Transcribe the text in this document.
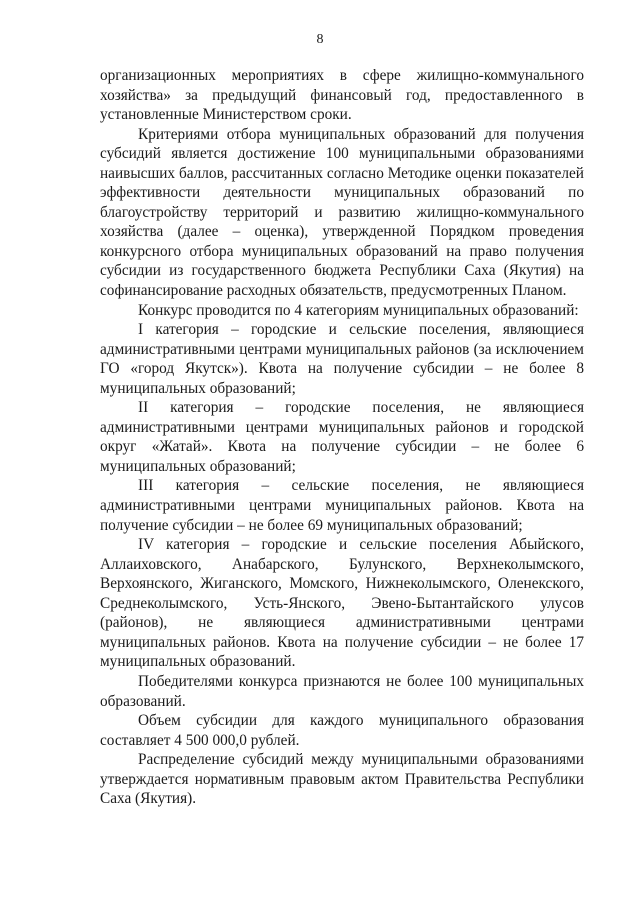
8

организационных мероприятиях в сфере жилищно-коммунального хозяйства» за предыдущий финансовый год, предоставленного в установленные Министерством сроки.

Критериями отбора муниципальных образований для получения субсидий является достижение 100 муниципальными образованиями наивысших баллов, рассчитанных согласно Методике оценки показателей эффективности деятельности муниципальных образований по благоустройству территорий и развитию жилищно-коммунального хозяйства (далее – оценка), утвержденной Порядком проведения конкурсного отбора муниципальных образований на право получения субсидии из государственного бюджета Республики Саха (Якутия) на софинансирование расходных обязательств, предусмотренных Планом.

Конкурс проводится по 4 категориям муниципальных образований:

I категория – городские и сельские поселения, являющиеся административными центрами муниципальных районов (за исключением ГО «город Якутск»). Квота на получение субсидии – не более 8 муниципальных образований;

II категория – городские поселения, не являющиеся административными центрами муниципальных районов и городской округ «Жатай». Квота на получение субсидии – не более 6 муниципальных образований;

III категория – сельские поселения, не являющиеся административными центрами муниципальных районов. Квота на получение субсидии – не более 69 муниципальных образований;

IV категория – городские и сельские поселения Абыйского, Аллаиховского, Анабарского, Булунского, Верхнеколымского, Верхоянского, Жиганского, Момского, Нижнеколымского, Оленекского, Среднеколымского, Усть-Янского, Эвено-Бытантайского улусов (районов), не являющиеся административными центрами муниципальных районов. Квота на получение субсидии – не более 17 муниципальных образований.

Победителями конкурса признаются не более 100 муниципальных образований.

Объем субсидии для каждого муниципального образования составляет 4 500 000,0 рублей.

Распределение субсидий между муниципальными образованиями утверждается нормативным правовым актом Правительства Республики Саха (Якутия).
